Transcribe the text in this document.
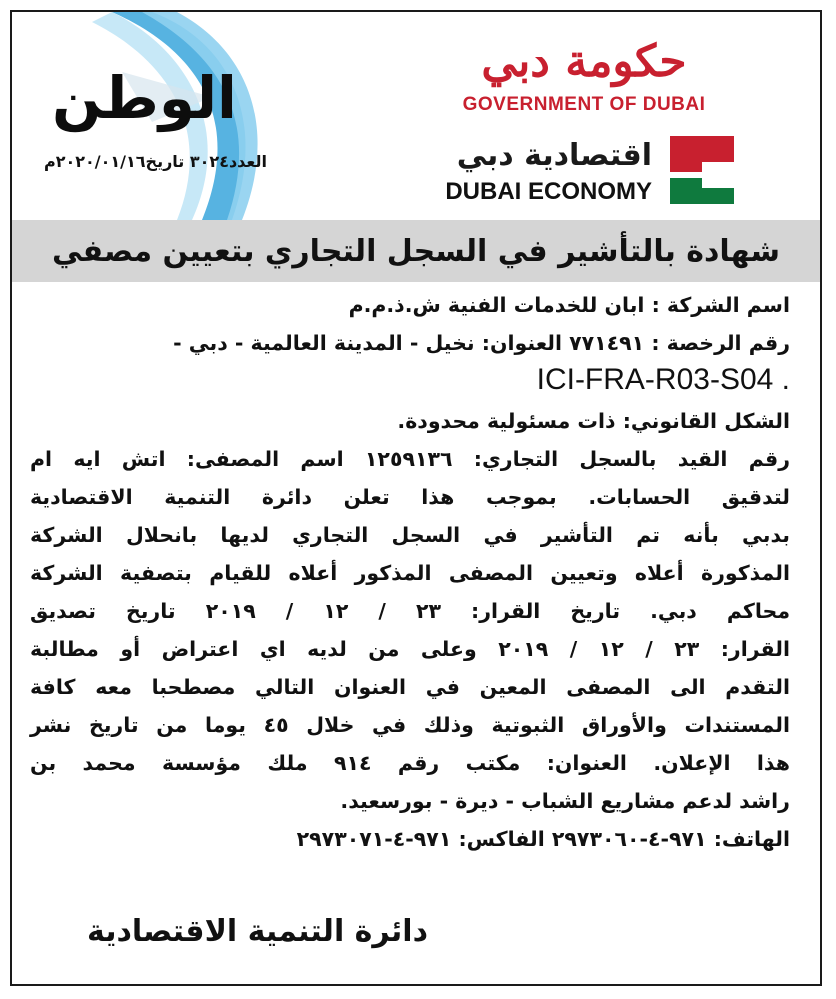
الوطن
العدد٣٠٢٤ تاريخ٢٠٢٠/٠١/١٦م
حكومة دبي
GOVERNMENT OF DUBAI
اقتصادية دبي
DUBAI ECONOMY
شهادة بالتأشير في السجل التجاري بتعيين مصفي
اسم الشركة : ابان للخدمات الفنية ش.ذ.م.م
رقم الرخصة : ٧٧١٤٩١ العنوان: نخيل - المدينة العالمية - دبي -
ICI-FRA-R03-S04 .
الشكل القانوني: ذات مسئولية محدودة.
رقم القيد بالسجل التجاري: ١٢٥٩١٣٦ اسم المصفى: اتش ايه ام
لتدقيق الحسابات. بموجب هذا تعلن دائرة التنمية الاقتصادية
بدبي بأنه تم التأشير في السجل التجاري لديها بانحلال الشركة
المذكورة أعلاه وتعيين المصفى المذكور أعلاه للقيام بتصفية الشركة
محاكم دبي. تاريخ القرار: ٢٣ / ١٢ / ٢٠١٩ تاريخ تصديق
القرار: ٢٣ / ١٢ / ٢٠١٩ وعلى من لديه اي اعتراض أو مطالبة
التقدم الى المصفى المعين في العنوان التالي مصطحبا معه كافة
المستندات والأوراق الثبوتية وذلك في خلال ٤٥ يوما من تاريخ نشر
هذا الإعلان. العنوان: مكتب رقم ٩١٤ ملك مؤسسة محمد بن
راشد لدعم مشاريع الشباب - ديرة - بورسعيد.
الهاتف: ٩٧١-٤-٢٩٧٣٠٦٠ الفاكس: ٩٧١-٤-٢٩٧٣٠٧١
دائرة التنمية الاقتصادية
